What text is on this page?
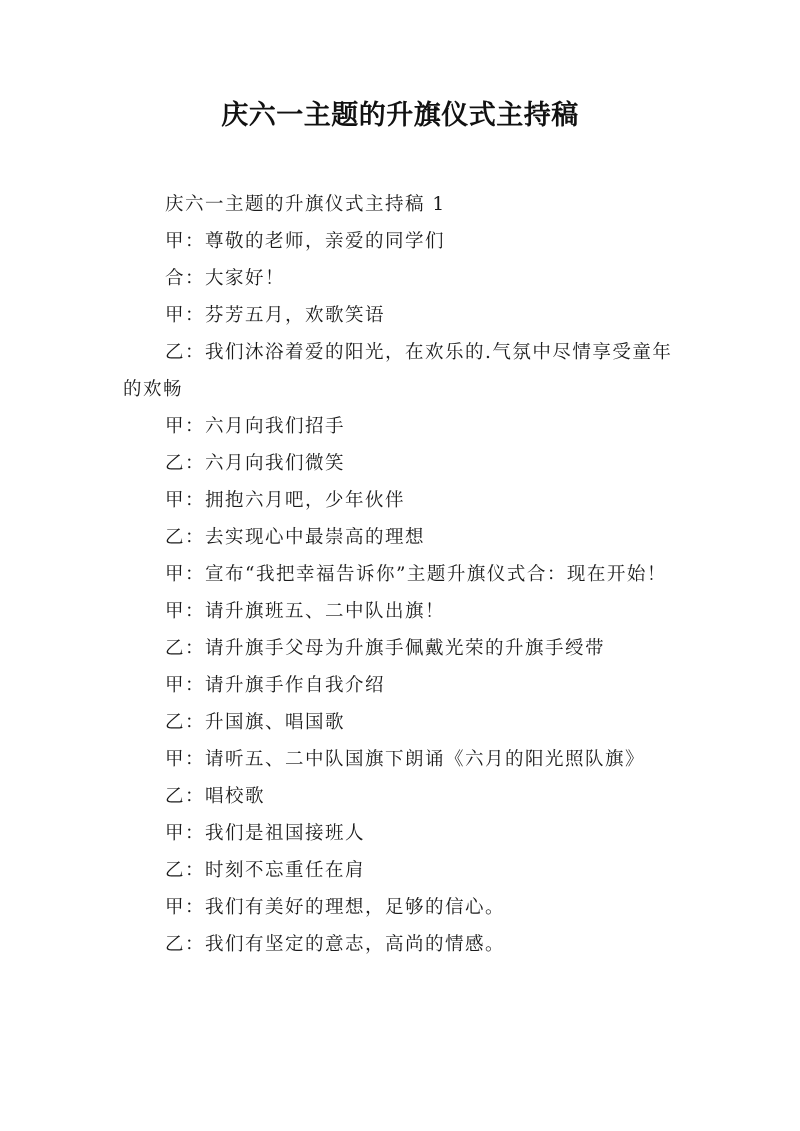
庆六一主题的升旗仪式主持稿

庆六一主题的升旗仪式主持稿 1

甲：尊敬的老师，亲爱的同学们

合：大家好！

甲：芬芳五月，欢歌笑语

乙：我们沐浴着爱的阳光，在欢乐的.气氛中尽情享受童年的欢畅

甲：六月向我们招手

乙：六月向我们微笑

甲：拥抱六月吧，少年伙伴

乙：去实现心中最崇高的理想

甲：宣布“我把幸福告诉你”主题升旗仪式合：现在开始！

甲：请升旗班五、二中队出旗！

乙：请升旗手父母为升旗手佩戴光荣的升旗手绶带

甲：请升旗手作自我介绍

乙：升国旗、唱国歌

甲：请听五、二中队国旗下朗诵《六月的阳光照队旗》

乙：唱校歌

甲：我们是祖国接班人

乙：时刻不忘重任在肩

甲：我们有美好的理想，足够的信心。

乙：我们有坚定的意志，高尚的情感。
